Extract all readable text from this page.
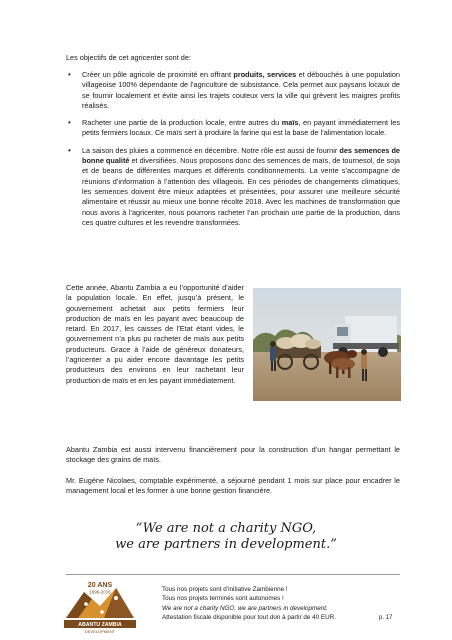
Les objectifs de cet agricenter sont de:
• Créer un pôle agricole de proximité en offrant produits, services et débouchés à une population villageoise 100% dépendante de l’agriculture de subsistance. Cela permet aux paysans locaux de se fournir localement et évite ainsi les trajets couteux vers la ville qui grèvent les maigres profits réalisés.
• Racheter une partie de la production locale, entre autres du maïs, en payant immédiatement les petits fermiers locaux. Ce maïs sert à produire la farine qui est la base de l’alimentation locale.
• La saison des pluies a commencé en décembre. Notre rôle est aussi de fournir des semences de bonne qualité et diversifiées. Nous proposons donc des semences de maïs, de tournesol, de soja et de beans de différentes marques et différents conditionnements. La vente s’accompagne de réunions d’information à l’attention des villageois. En ces périodes de changements climatiques, les semences doivent être mieux adaptées et présentées, pour assurer une meilleure sécurité alimentaire et réussir au mieux une bonne récolte 2018. Avec les machines de transformation que nous avons à l’agricenter, nous pourrons racheter l’an prochain une partie de la production, dans ces quatre cultures et les revendre transformées.
Cette année, Abantu Zambia a eu l’opportunité d’aider la population locale. En effet, jusqu’à présent, le gouvernement achetait aux petits fermiers leur production de maïs en les payant avec beaucoup de retard. En 2017, les caisses de l’Etat étant vides, le gouvernement n’a plus pu racheter de maïs aux petits producteurs. Grace à l’aide de généreux donateurs, l’agricenter a pu aider encore davantage les petits producteurs des environs en leur rachetant leur production de maïs et en les payant immédiatement.
Abantu Zambia est aussi intervenu financièrement pour la construction d’un hangar permettant le stockage des grains de maïs.
Mr. Eugène Nicolaes, comptable expérimenté, a séjourné pendant 1 mois sur place pour encadrer le management local et les former à une bonne gestion financière.
“We are not a charity NGO,
we are partners in development.”
20 ANS
1996-2016
ABANTU ZAMBIA
DEVELOPMENT
Tous nos projets sont d’initiative Zambienne !
Tous nos projets terminés sont autonomes !
We are not a charity NGO, we are partners in development.
Attestation fiscale disponible pour tout don à partir de 40 EUR.	p. 17
